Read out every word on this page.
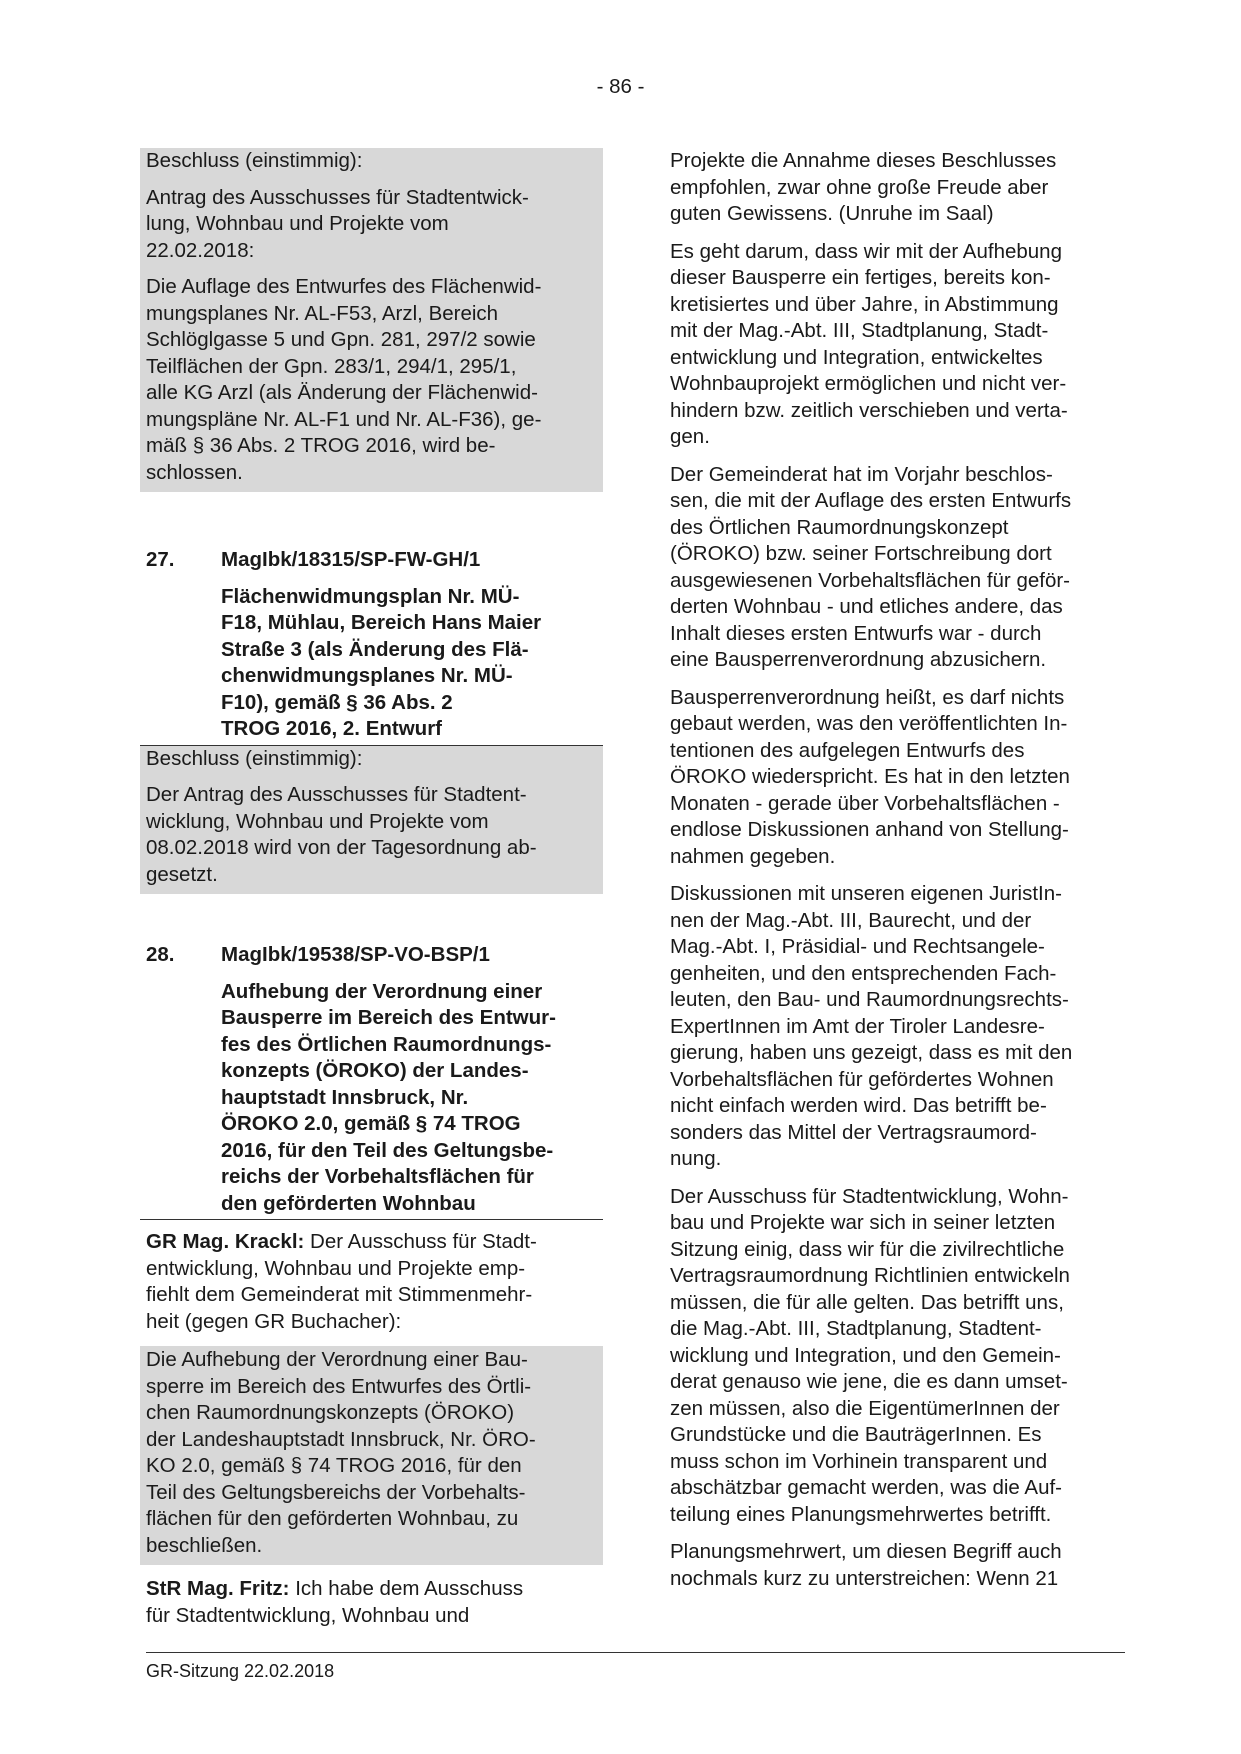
- 86 -

Beschluss (einstimmig):

Antrag des Ausschusses für Stadtentwick-
lung, Wohnbau und Projekte vom
22.02.2018:

Die Auflage des Entwurfes des Flächenwid-
mungsplanes Nr. AL-F53, Arzl, Bereich
Schlöglgasse 5 und Gpn. 281, 297/2 sowie
Teilflächen der Gpn. 283/1, 294/1, 295/1,
alle KG Arzl (als Änderung der Flächenwid-
mungspläne Nr. AL-F1 und Nr. AL-F36), ge-
mäß § 36 Abs. 2 TROG 2016, wird be-
schlossen.

27.	MagIbk/18315/SP-FW-GH/1

Flächenwidmungsplan Nr. MÜ-
F18, Mühlau, Bereich Hans Maier
Straße 3 (als Änderung des Flä-
chenwidmungsplanes Nr. MÜ-
F10), gemäß § 36 Abs. 2
TROG 2016, 2. Entwurf

Beschluss (einstimmig):

Der Antrag des Ausschusses für Stadtent-
wicklung, Wohnbau und Projekte vom
08.02.2018 wird von der Tagesordnung ab-
gesetzt.

28.	MagIbk/19538/SP-VO-BSP/1

Aufhebung der Verordnung einer
Bausperre im Bereich des Entwur-
fes des Örtlichen Raumordnungs-
konzepts (ÖROKO) der Landes-
hauptstadt Innsbruck, Nr.
ÖROKO 2.0, gemäß § 74 TROG
2016, für den Teil des Geltungsbe-
reichs der Vorbehaltsflächen für
den geförderten Wohnbau

GR Mag. Krackl: Der Ausschuss für Stadt-
entwicklung, Wohnbau und Projekte emp-
fiehlt dem Gemeinderat mit Stimmenmehr-
heit (gegen GR Buchacher):

Die Aufhebung der Verordnung einer Bau-
sperre im Bereich des Entwurfes des Örtli-
chen Raumordnungskonzepts (ÖROKO)
der Landeshauptstadt Innsbruck, Nr. ÖRO-
KO 2.0, gemäß § 74 TROG 2016, für den
Teil des Geltungsbereichs der Vorbehalts-
flächen für den geförderten Wohnbau, zu
beschließen.

StR Mag. Fritz: Ich habe dem Ausschuss
für Stadtentwicklung, Wohnbau und

Projekte die Annahme dieses Beschlusses
empfohlen, zwar ohne große Freude aber
guten Gewissens. (Unruhe im Saal)

Es geht darum, dass wir mit der Aufhebung
dieser Bausperre ein fertiges, bereits kon-
kretisiertes und über Jahre, in Abstimmung
mit der Mag.-Abt. III, Stadtplanung, Stadt-
entwicklung und Integration, entwickeltes
Wohnbauprojekt ermöglichen und nicht ver-
hindern bzw. zeitlich verschieben und verta-
gen.

Der Gemeinderat hat im Vorjahr beschlos-
sen, die mit der Auflage des ersten Entwurfs
des Örtlichen Raumordnungskonzept
(ÖROKO) bzw. seiner Fortschreibung dort
ausgewiesenen Vorbehaltsflächen für geför-
derten Wohnbau - und etliches andere, das
Inhalt dieses ersten Entwurfs war - durch
eine Bausperrenverordnung abzusichern.

Bausperrenverordnung heißt, es darf nichts
gebaut werden, was den veröffentlichten In-
tentionen des aufgelegen Entwurfs des
ÖROKO wiederspricht. Es hat in den letzten
Monaten - gerade über Vorbehaltsflächen -
endlose Diskussionen anhand von Stellung-
nahmen gegeben.

Diskussionen mit unseren eigenen JuristIn-
nen der Mag.-Abt. III, Baurecht, und der
Mag.-Abt. I, Präsidial- und Rechtsangele-
genheiten, und den entsprechenden Fach-
leuten, den Bau- und Raumordnungsrechts-
ExpertInnen im Amt der Tiroler Landesre-
gierung, haben uns gezeigt, dass es mit den
Vorbehaltsflächen für gefördertes Wohnen
nicht einfach werden wird. Das betrifft be-
sonders das Mittel der Vertragsraumord-
nung.

Der Ausschuss für Stadtentwicklung, Wohn-
bau und Projekte war sich in seiner letzten
Sitzung einig, dass wir für die zivilrechtliche
Vertragsraumordnung Richtlinien entwickeln
müssen, die für alle gelten. Das betrifft uns,
die Mag.-Abt. III, Stadtplanung, Stadtent-
wicklung und Integration, und den Gemein-
derat genauso wie jene, die es dann umset-
zen müssen, also die EigentümerInnen der
Grundstücke und die BauträgerInnen. Es
muss schon im Vorhinein transparent und
abschätzbar gemacht werden, was die Auf-
teilung eines Planungsmehrwertes betrifft.

Planungsmehrwert, um diesen Begriff auch
nochmals kurz zu unterstreichen: Wenn 21

GR-Sitzung 22.02.2018
